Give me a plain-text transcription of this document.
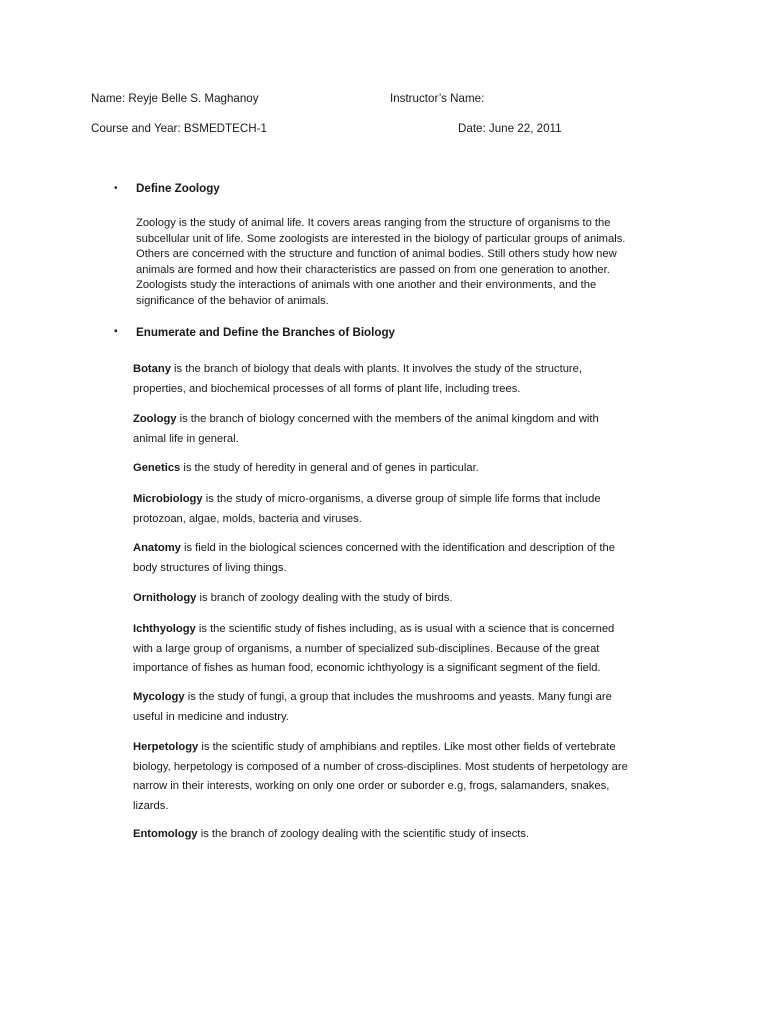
Name: Reyje Belle S. Maghanoy	Instructor’s Name:
Course and Year: BSMEDTECH-1	Date: June 22, 2011
• Define Zoology

Zoology is the study of animal life. It covers areas ranging from the structure of organisms to the subcellular unit of life. Some zoologists are interested in the biology of particular groups of animals. Others are concerned with the structure and function of animal bodies. Still others study how new animals are formed and how their characteristics are passed on from one generation to another. Zoologists study the interactions of animals with one another and their environments, and the significance of the behavior of animals.

▪ Enumerate and Define the Branches of Biology

Botany is the branch of biology that deals with plants. It involves the study of the structure, properties, and biochemical processes of all forms of plant life, including trees.

Zoology is the branch of biology concerned with the members of the animal kingdom and with animal life in general.

Genetics is the study of heredity in general and of genes in particular.

Microbiology is the study of micro-organisms, a diverse group of simple life forms that include protozoan, algae, molds, bacteria and viruses.

Anatomy is field in the biological sciences concerned with the identification and description of the body structures of living things.

Ornithology is branch of zoology dealing with the study of birds.

Ichthyology is the scientific study of fishes including, as is usual with a science that is concerned with a large group of organisms, a number of specialized sub-disciplines. Because of the great importance of fishes as human food, economic ichthyology is a significant segment of the field.

Mycology is the study of fungi, a group that includes the mushrooms and yeasts. Many fungi are useful in medicine and industry.

Herpetology is the scientific study of amphibians and reptiles. Like most other fields of vertebrate biology, herpetology is composed of a number of cross-disciplines. Most students of herpetology are narrow in their interests, working on only one order or suborder e.g, frogs, salamanders, snakes, lizards.

Entomology is the branch of zoology dealing with the scientific study of insects.
